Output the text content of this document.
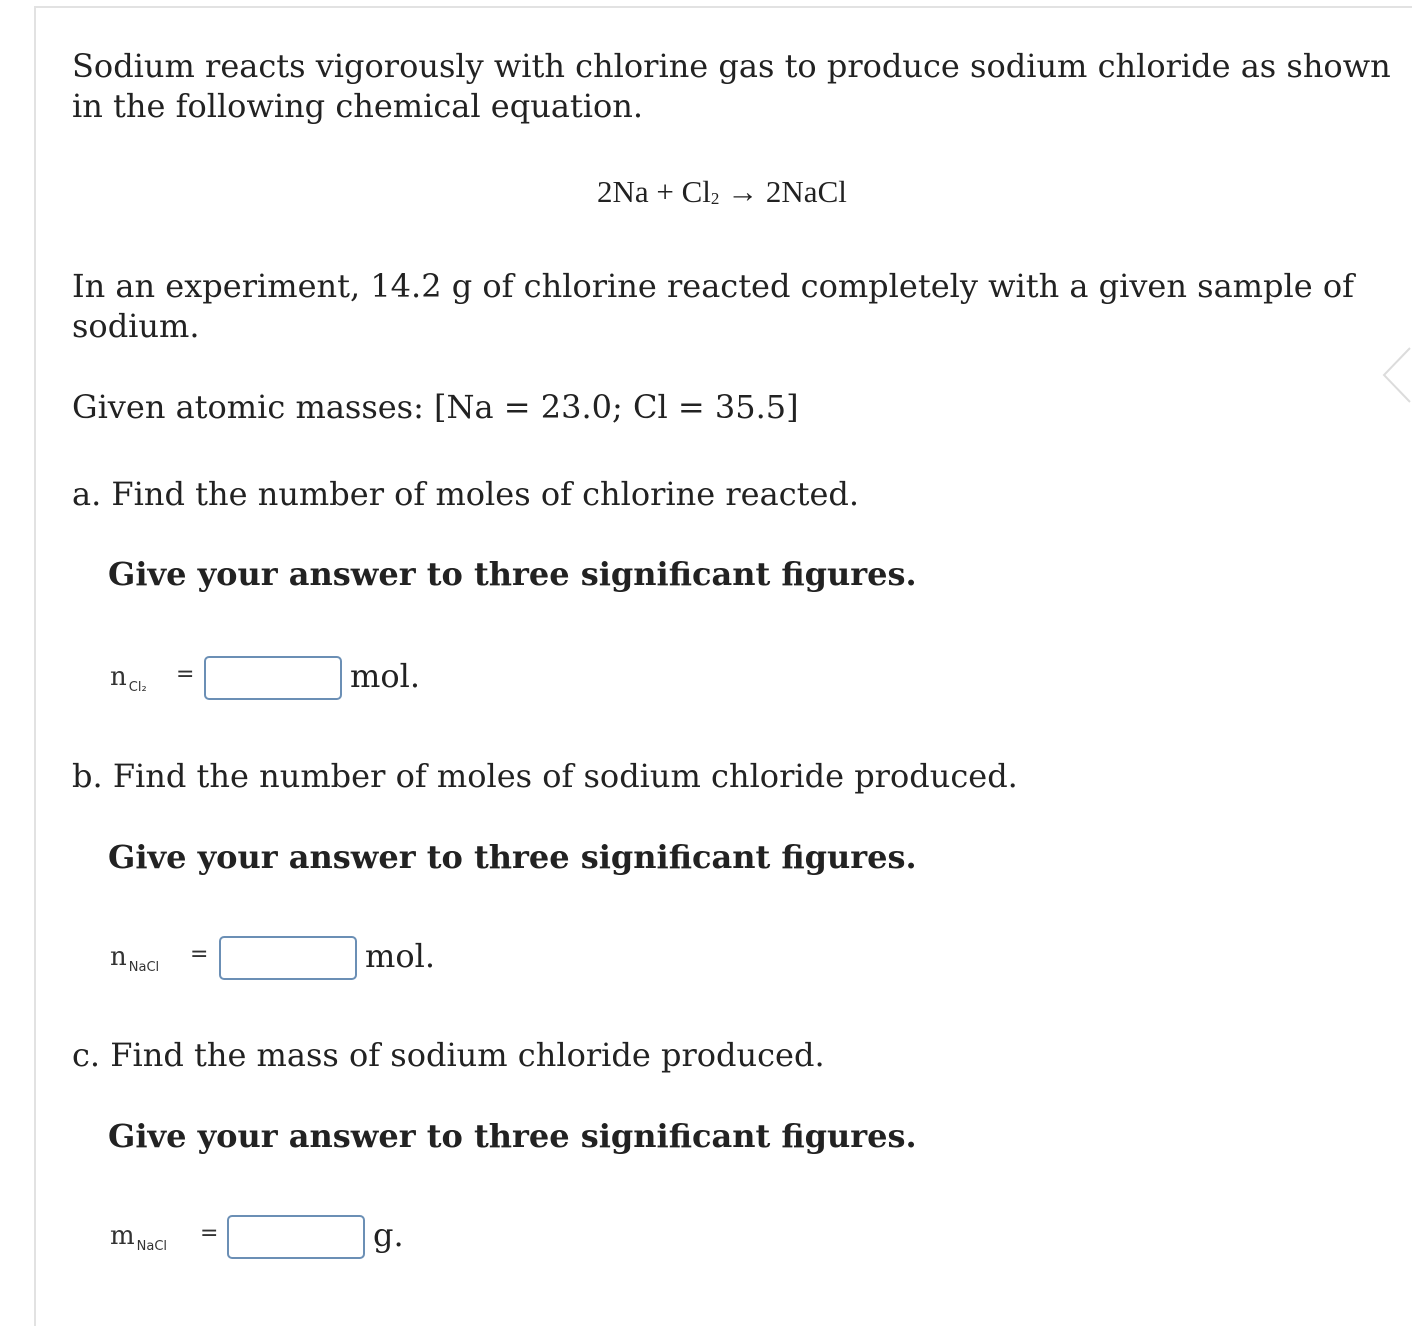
Sodium reacts vigorously with chlorine gas to produce sodium chloride as shown
in the following chemical equation.
$2Na + Cl_2$ → 2NaCl
In an experiment, 14.2 g of chlorine reacted completely with a given sample of
sodium.
Given atomic masses: [Na = 23.0; Cl = 35.5]
a. Find the number of moles of chlorine reacted.
Give your answer to three significant figures.
n $_{Cl_2}$
=	mol.
b. Find the number of moles of sodium chloride produced.
Give your answer to three significant figures.
n $_{NaCl}$
=	mol.
c. Find the mass of sodium chloride produced.
Give your answer to three significant figures.
m $_{NaCl}$
=	g.
